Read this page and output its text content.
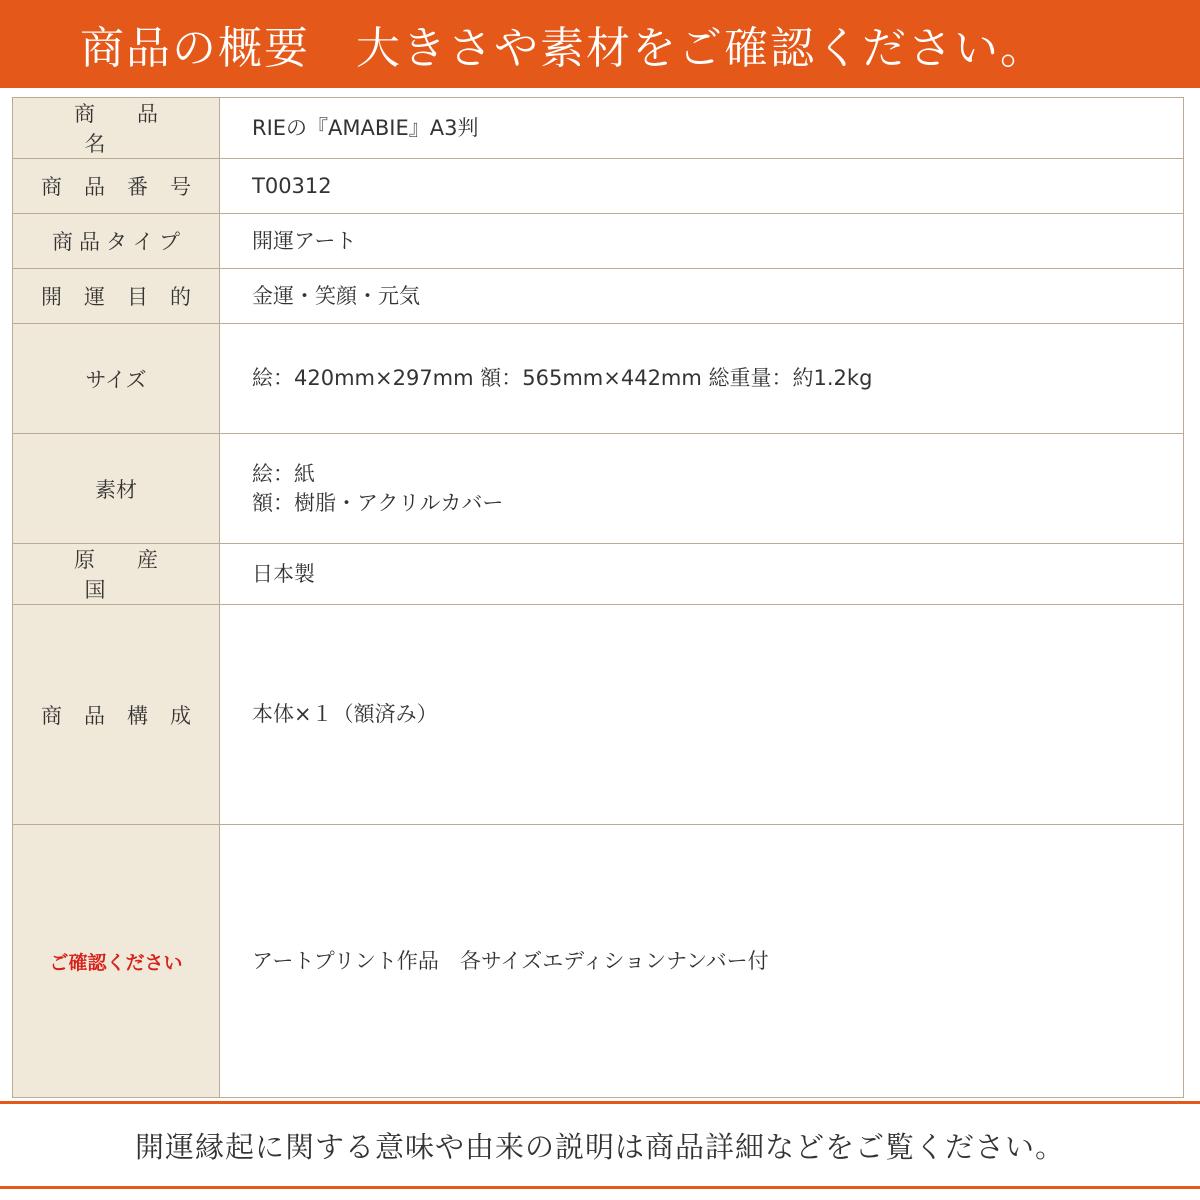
商品の概要　大きさや素材をご確認ください。
商品名	RIEの『AMABIE』A3判
商品番号	T00312
商品タイプ	開運アート
開運目的	金運・笑顔・元気
サイズ	絵：420mm×297mm 額：565mm×442mm 総重量：約1.2kg
素材	絵：紙
額：樹脂・アクリルカバー
原産国	日本製
商品構成	本体×１（額済み）
ご確認ください	アートプリント作品　各サイズエディションナンバー付
開運縁起に関する意味や由来の説明は商品詳細などをご覧ください。
